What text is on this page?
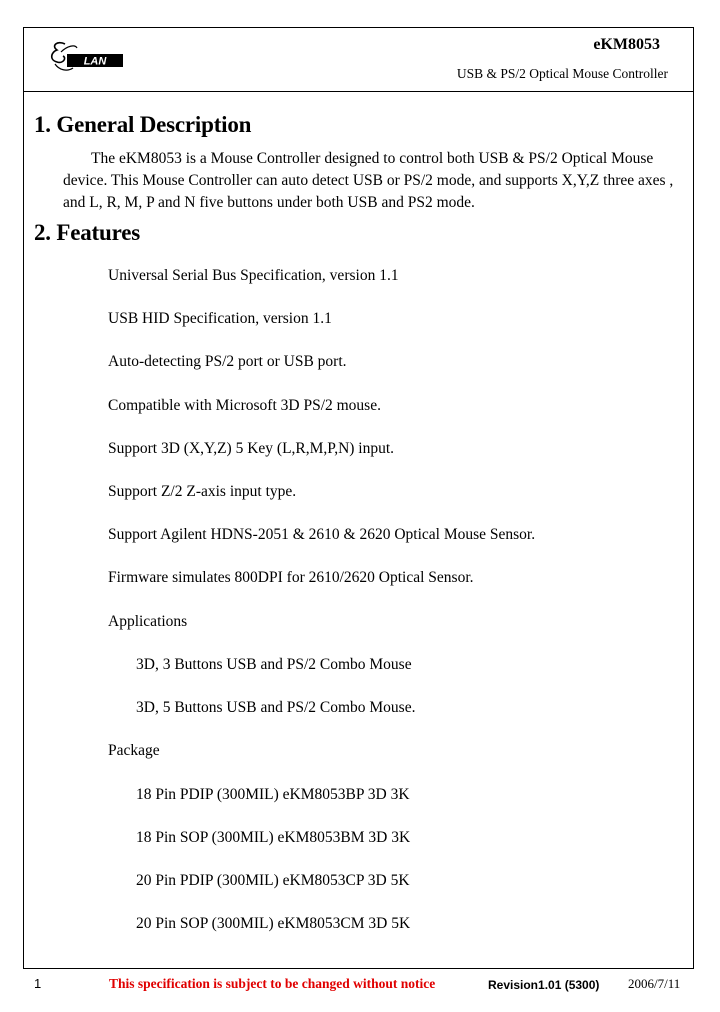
LAN
eKM8053
USB & PS/2 Optical Mouse Controller
1. General Description
The eKM8053 is a Mouse Controller designed to control both USB & PS/2 Optical Mouse device. This Mouse Controller can auto detect USB or PS/2 mode, and supports X,Y,Z three axes , and L, R, M, P and N five buttons under both USB and PS2 mode.
2. Features
Universal Serial Bus Specification, version 1.1
USB HID Specification, version 1.1
Auto-detecting PS/2 port or USB port.
Compatible with Microsoft 3D PS/2 mouse.
Support 3D (X,Y,Z) 5 Key (L,R,M,P,N) input.
Support Z/2 Z-axis input type.
Support Agilent HDNS-2051 & 2610 & 2620 Optical Mouse Sensor.
Firmware simulates 800DPI for 2610/2620 Optical Sensor.
Applications
3D, 3 Buttons USB and PS/2 Combo Mouse
3D, 5 Buttons USB and PS/2 Combo Mouse.
Package
18 Pin PDIP (300MIL) eKM8053BP 3D 3K
18 Pin SOP (300MIL) eKM8053BM 3D 3K
20 Pin PDIP (300MIL) eKM8053CP 3D 5K
20 Pin SOP (300MIL) eKM8053CM 3D 5K
1	This specification is subject to be changed without notice	Revision1.01 (5300) 2006/7/11
